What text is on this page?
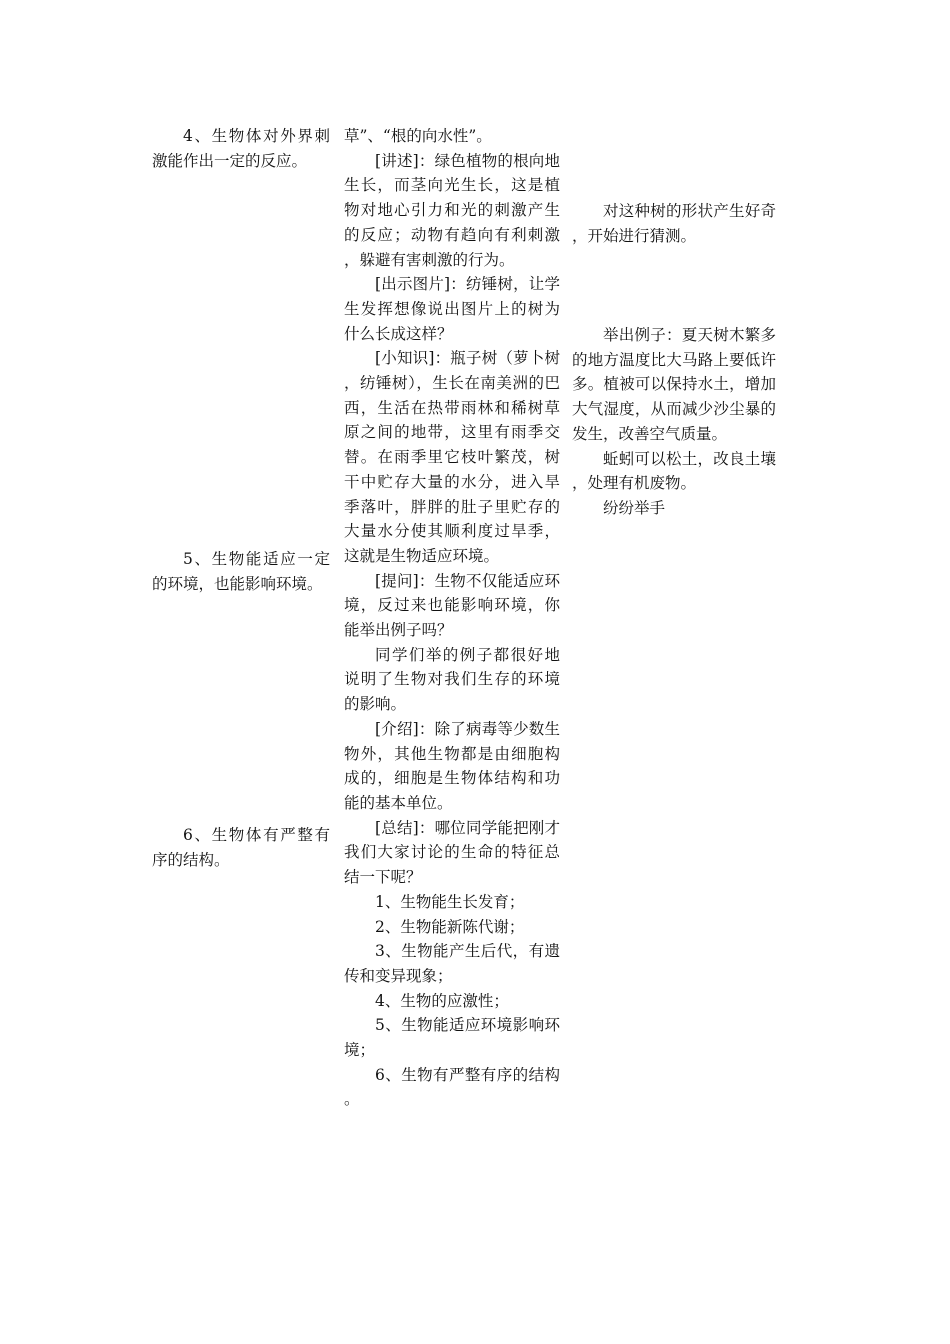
4、生物体对外界刺激能作出一定的反应。

5、生物能适应一定的环境，也能影响环境。

6、生物体有严整有序的结构。

草”、“根的向水性”。

[讲述]：绿色植物的根向地生长，而茎向光生长，这是植物对地心引力和光的刺激产生的反应；动物有趋向有利刺激，躲避有害刺激的行为。

[出示图片]：纺锤树，让学生发挥想像说出图片上的树为什么长成这样？

[小知识]：瓶子树（萝卜树，纺锤树），生长在南美洲的巴西，生活在热带雨林和稀树草原之间的地带，这里有雨季交替。在雨季里它枝叶繁茂，树干中贮存大量的水分，进入旱季落叶，胖胖的肚子里贮存的大量水分使其顺利度过旱季，这就是生物适应环境。

[提问]：生物不仅能适应环境，反过来也能影响环境，你能举出例子吗？

同学们举的例子都很好地说明了生物对我们生存的环境的影响。

[介绍]：除了病毒等少数生物外，其他生物都是由细胞构成的，细胞是生物体结构和功能的基本单位。

[总结]：哪位同学能把刚才我们大家讨论的生命的特征总结一下呢？

1、生物能生长发育；

2、生物能新陈代谢；

3、生物能产生后代，有遗传和变异现象；

4、生物的应激性；

5、生物能适应环境影响环境；

6、生物有严整有序的结构。

对这种树的形状产生好奇，开始进行猜测。

举出例子：夏天树木繁多的地方温度比大马路上要低许多。植被可以保持水土，增加大气湿度，从而减少沙尘暴的发生，改善空气质量。

蚯蚓可以松土，改良土壤，处理有机废物。

纷纷举手
